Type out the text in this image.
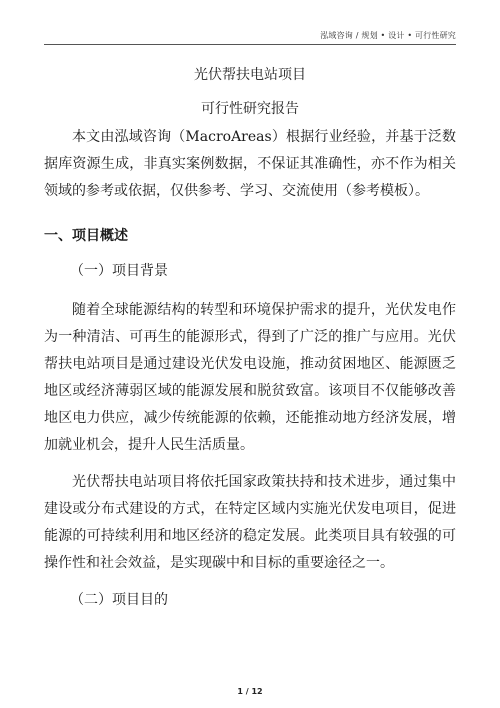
泓域咨询 / 规划 • 设计 • 可行性研究
光伏帮扶电站项目
可行性研究报告

本文由泓域咨询（MacroAreas）根据行业经验，并基于泛数据库资源生成，非真实案例数据，不保证其准确性，亦不作为相关领域的参考或依据，仅供参考、学习、交流使用（参考模板）。

一、项目概述
（一）项目背景

随着全球能源结构的转型和环境保护需求的提升，光伏发电作为一种清洁、可再生的能源形式，得到了广泛的推广与应用。光伏帮扶电站项目是通过建设光伏发电设施，推动贫困地区、能源匮乏地区或经济薄弱区域的能源发展和脱贫致富。该项目不仅能够改善地区电力供应，减少传统能源的依赖，还能推动地方经济发展，增加就业机会，提升人民生活质量。

光伏帮扶电站项目将依托国家政策扶持和技术进步，通过集中建设或分布式建设的方式，在特定区域内实施光伏发电项目，促进能源的可持续利用和地区经济的稳定发展。此类项目具有较强的可操作性和社会效益，是实现碳中和目标的重要途径之一。

（二）项目目的
1 / 12
